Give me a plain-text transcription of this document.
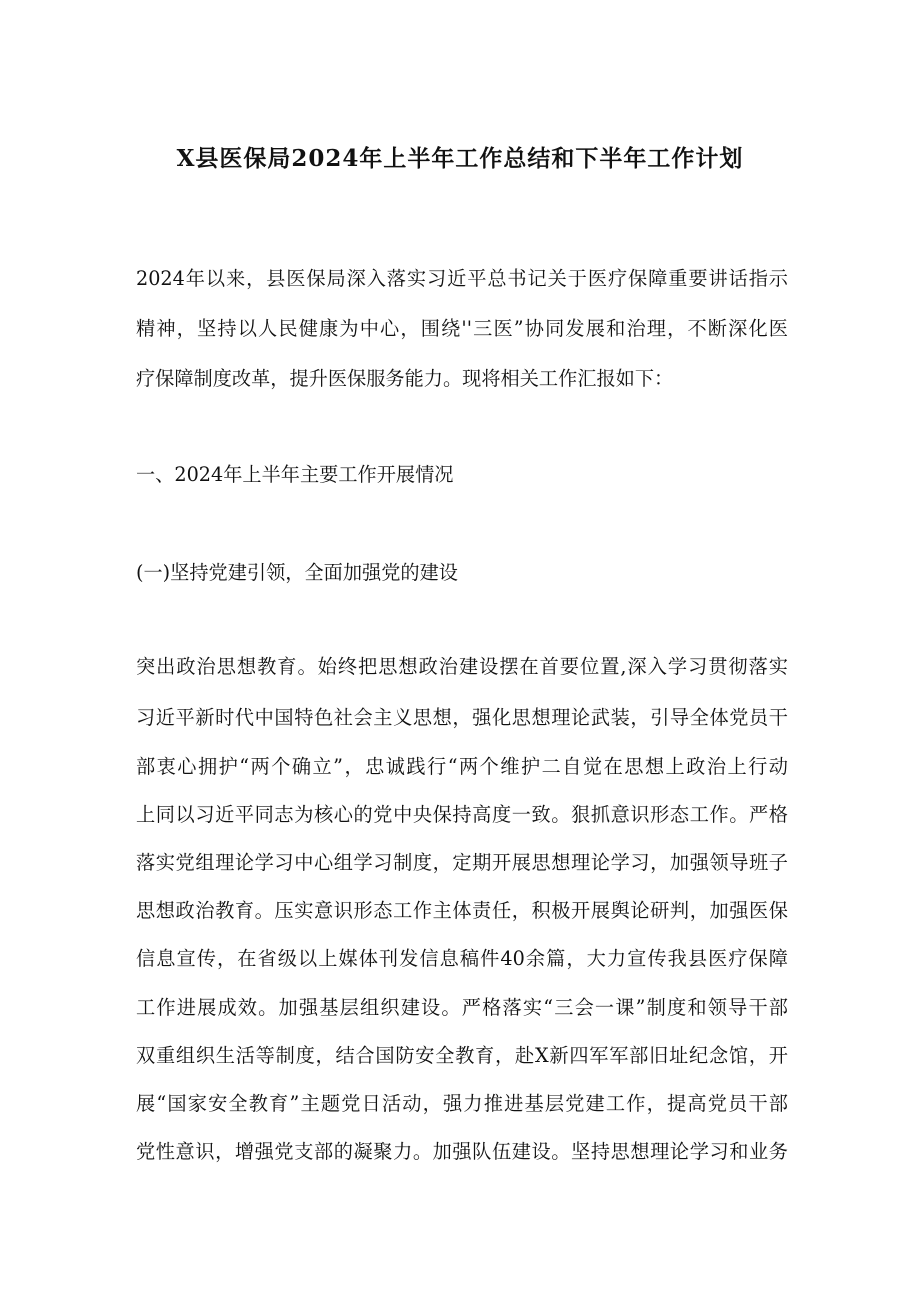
X县医保局2024年上半年工作总结和下半年工作计划
2024年以来，县医保局深入落实习近平总书记关于医疗保障重要讲话指示
精神，坚持以人民健康为中心，围绕''三医”协同发展和治理，不断深化医
疗保障制度改革，提升医保服务能力。现将相关工作汇报如下：
一、2024年上半年主要工作开展情况
(一)坚持党建引领，全面加强党的建设
突出政治思想教育。始终把思想政治建设摆在首要位置,深入学习贯彻落实
习近平新时代中国特色社会主义思想，强化思想理论武装，引导全体党员干
部衷心拥护“两个确立”，忠诚践行“两个维护二自觉在思想上政治上行动
上同以习近平同志为核心的党中央保持高度一致。狠抓意识形态工作。严格
落实党组理论学习中心组学习制度，定期开展思想理论学习，加强领导班子
思想政治教育。压实意识形态工作主体责任，积极开展舆论研判，加强医保
信息宣传，在省级以上媒体刊发信息稿件40余篇，大力宣传我县医疗保障
工作进展成效。加强基层组织建设。严格落实“三会一课”制度和领导干部
双重组织生活等制度，结合国防安全教育，赴X新四军军部旧址纪念馆，开
展“国家安全教育”主题党日活动，强力推进基层党建工作，提高党员干部
党性意识，增强党支部的凝聚力。加强队伍建设。坚持思想理论学习和业务
